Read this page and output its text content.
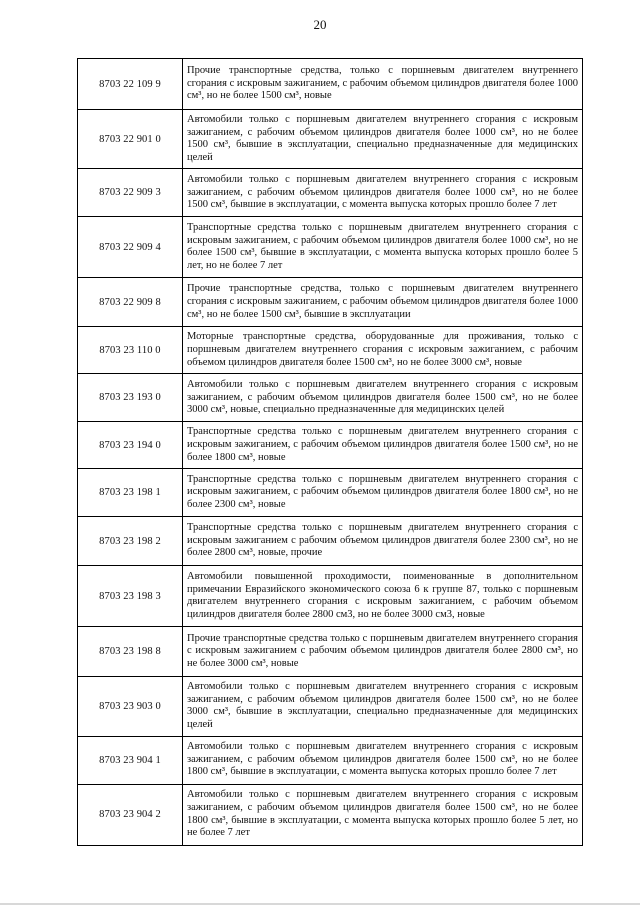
20
8703 22 109 9	Прочие транспортные средства, только с поршневым двигателем внутреннего сгорания с искровым зажиганием, с рабочим объемом цилиндров двигателя более 1000 см³, но не более 1500 см³, новые
8703 22 901 0	Автомобили только с поршневым двигателем внутреннего сгорания с искровым зажиганием, с рабочим объемом цилиндров двигателя более 1000 см³, но не более 1500 см³, бывшие в эксплуатации, специально предназначенные для медицинских целей
8703 22 909 3	Автомобили только с поршневым двигателем внутреннего сгорания с искровым зажиганием, с рабочим объемом цилиндров двигателя более 1000 см³, но не более 1500 см³, бывшие в эксплуатации, с момента выпуска которых прошло более 7 лет
8703 22 909 4	Транспортные средства только с поршневым двигателем внутреннего сгорания с искровым зажиганием, с рабочим объемом цилиндров двигателя более 1000 см³, но не более 1500 см³, бывшие в эксплуатации, с момента выпуска которых прошло более 5 лет, но не более 7 лет
8703 22 909 8	Прочие транспортные средства, только с поршневым двигателем внутреннего сгорания с искровым зажиганием, с рабочим объемом цилиндров двигателя более 1000 см³, но не более 1500 см³, бывшие в эксплуатации
8703 23 110 0	Моторные транспортные средства, оборудованные для проживания, только с поршневым двигателем внутреннего сгорания с искровым зажиганием, с рабочим объемом цилиндров двигателя более 1500 см³, но не более 3000 см³, новые
8703 23 193 0	Автомобили только с поршневым двигателем внутреннего сгорания с искровым зажиганием, с рабочим объемом цилиндров двигателя более 1500 см³, но не более 3000 см³, новые, специально предназначенные для медицинских целей
8703 23 194 0	Транспортные средства только с поршневым двигателем внутреннего сгорания с искровым зажиганием, с рабочим объемом цилиндров двигателя более 1500 см³, но не более 1800 см³, новые
8703 23 198 1	Транспортные средства только с поршневым двигателем внутреннего сгорания с искровым зажиганием, с рабочим объемом цилиндров двигателя более 1800 см³, но не более 2300 см³, новые
8703 23 198 2	Транспортные средства только с поршневым двигателем внутреннего сгорания с искровым зажиганием с рабочим объемом цилиндров двигателя более 2300 см³, но не более 2800 см³, новые, прочие
8703 23 198 3	Автомобили повышенной проходимости, поименованные в дополнительном примечании Евразийского экономического союза 6 к группе 87, только с поршневым двигателем внутреннего сгорания с искровым зажиганием, с рабочим объемом цилиндров двигателя более 2800 см3, но не более 3000 см3, новые
8703 23 198 8	Прочие транспортные средства только с поршневым двигателем внутреннего сгорания с искровым зажиганием с рабочим объемом цилиндров двигателя более 2800 см³, но не более 3000 см³, новые
8703 23 903 0	Автомобили только с поршневым двигателем внутреннего сгорания с искровым зажиганием, с рабочим объемом цилиндров двигателя более 1500 см³, но не более 3000 см³, бывшие в эксплуатации, специально предназначенные для медицинских целей
8703 23 904 1	Автомобили только с поршневым двигателем внутреннего сгорания с искровым зажиганием, с рабочим объемом цилиндров двигателя более 1500 см³, но не более 1800 см³, бывшие в эксплуатации, с момента выпуска которых прошло более 7 лет
8703 23 904 2	Автомобили только с поршневым двигателем внутреннего сгорания с искровым зажиганием, с рабочим объемом цилиндров двигателя более 1500 см³, но не более 1800 см³, бывшие в эксплуатации, с момента выпуска которых прошло более 5 лет, но не более 7 лет
